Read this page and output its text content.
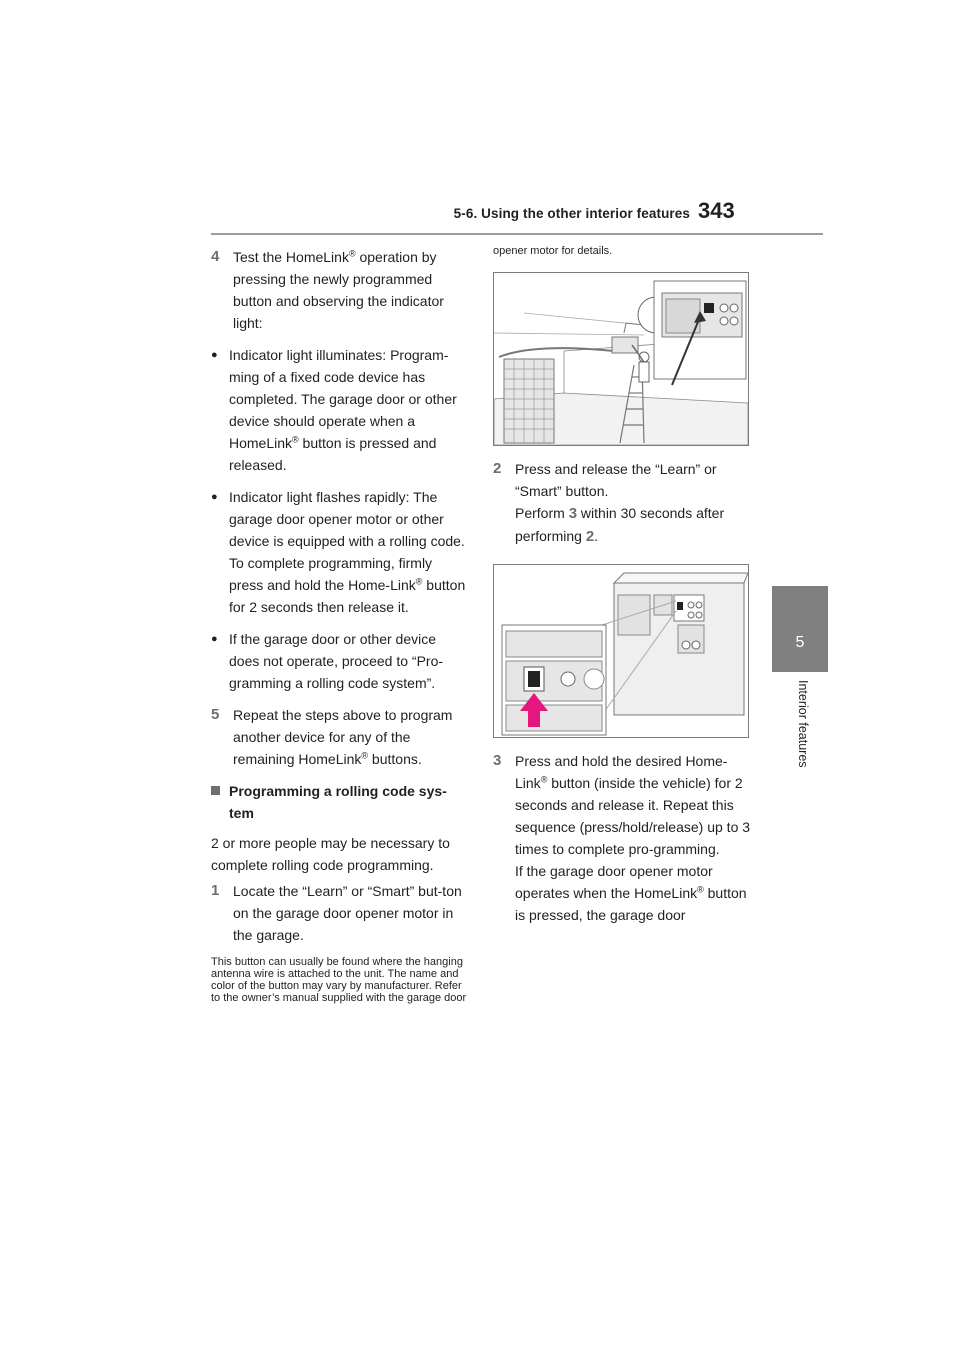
5-6. Using the other interior features 343
5
Interior features
4 Test the HomeLink® operation by pressing the newly programmed button and observing the indicator light:
● Indicator light illuminates: Program-ming of a fixed code device has completed. The garage door or other device should operate when a HomeLink® button is pressed and released.
● Indicator light flashes rapidly: The garage door opener motor or other device is equipped with a rolling code. To complete programming, firmly press and hold the Home-Link® button for 2 seconds then release it.
● If the garage door or other device does not operate, proceed to “Pro-gramming a rolling code system”.
5 Repeat the steps above to program another device for any of the remaining HomeLink® buttons.
Programming a rolling code sys-tem
2 or more people may be necessary to complete rolling code programming.
1 Locate the “Learn” or “Smart” but-ton on the garage door opener motor in the garage.
This button can usually be found where the hanging antenna wire is attached to the unit. The name and color of the button may vary by manufacturer. Refer to the owner’s manual supplied with the garage door
opener motor for details.
2 Press and release the “Learn” or “Smart” button.
Perform 3 within 30 seconds after performing 2.
3 Press and hold the desired Home-Link® button (inside the vehicle) for 2 seconds and release it. Repeat this sequence (press/hold/release) up to 3 times to complete pro-gramming.
If the garage door opener motor operates when the HomeLink® button is pressed, the garage door
